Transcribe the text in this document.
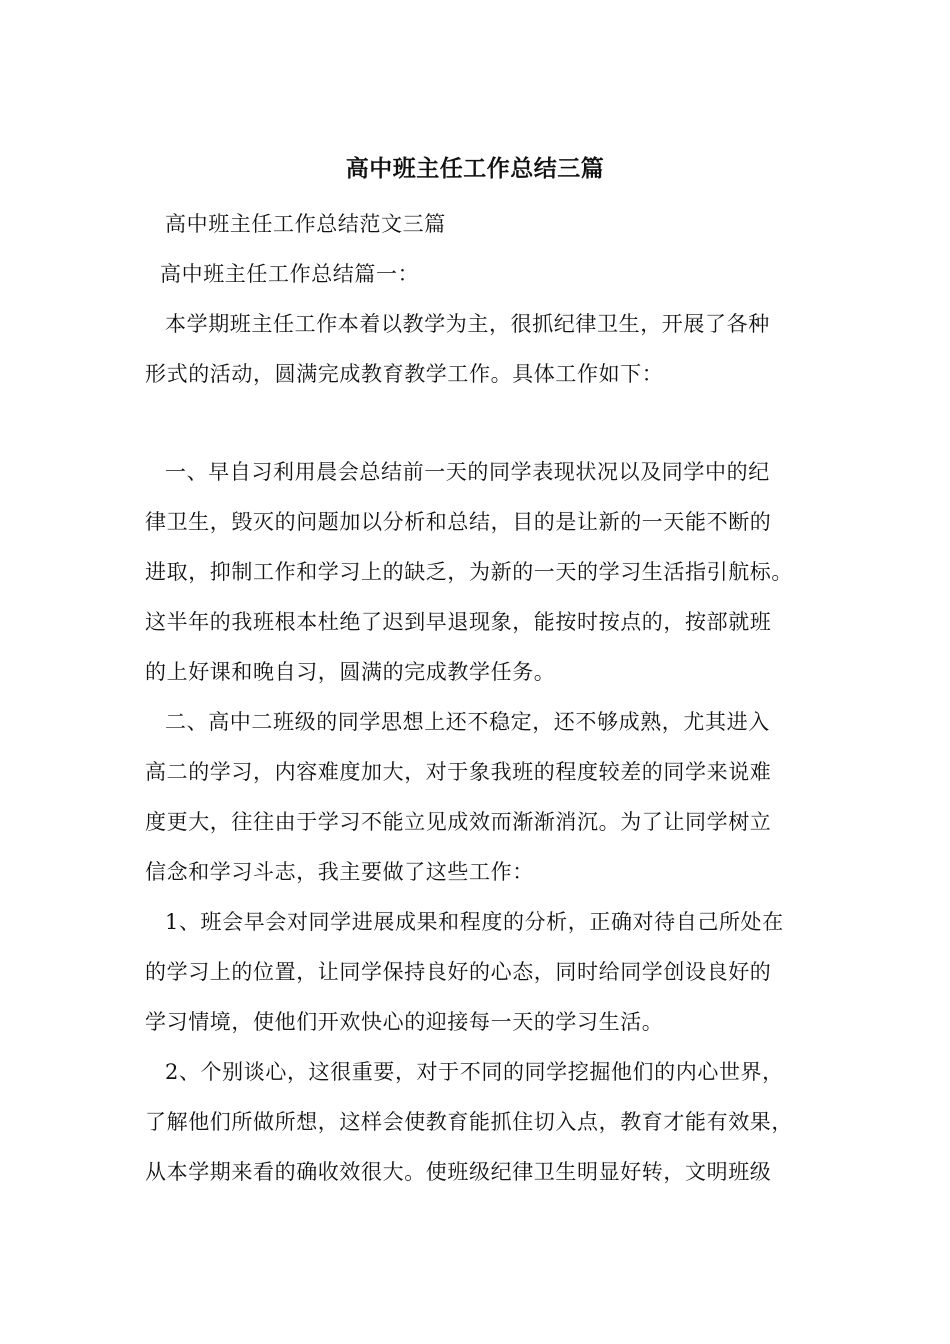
高中班主任工作总结三篇
高中班主任工作总结范文三篇
高中班主任工作总结篇一：
本学期班主任工作本着以教学为主，很抓纪律卫生，开展了各种
形式的活动，圆满完成教育教学工作。具体工作如下：
一、早自习利用晨会总结前一天的同学表现状况以及同学中的纪
律卫生，毁灭的问题加以分析和总结，目的是让新的一天能不断的
进取，抑制工作和学习上的缺乏，为新的一天的学习生活指引航标。
这半年的我班根本杜绝了迟到早退现象，能按时按点的，按部就班
的上好课和晚自习，圆满的完成教学任务。
二、高中二班级的同学思想上还不稳定，还不够成熟，尤其进入
高二的学习，内容难度加大，对于象我班的程度较差的同学来说难
度更大，往往由于学习不能立见成效而渐渐消沉。为了让同学树立
信念和学习斗志，我主要做了这些工作：
1、班会早会对同学进展成果和程度的分析，正确对待自己所处在
的学习上的位置，让同学保持良好的心态，同时给同学创设良好的
学习情境，使他们开欢快心的迎接每一天的学习生活。
2、个别谈心，这很重要，对于不同的同学挖掘他们的内心世界，
了解他们所做所想，这样会使教育能抓住切入点，教育才能有效果，
从本学期来看的确收效很大。使班级纪律卫生明显好转，文明班级
